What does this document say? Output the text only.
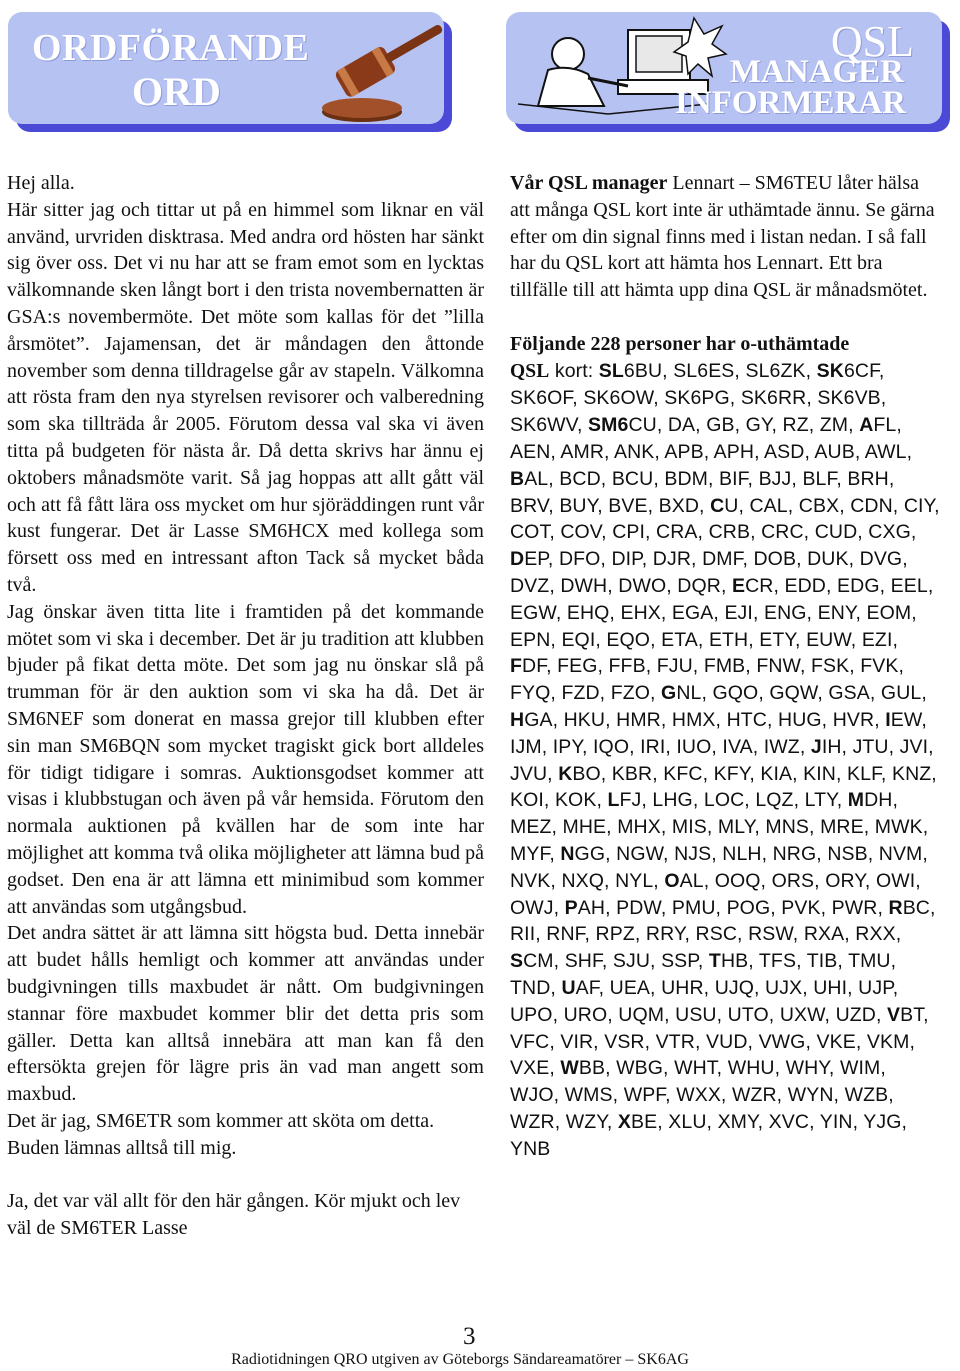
ORDFÖRANDE
ORD
QSL
MANAGER
INFORMERAR

Hej alla.

Här sitter jag och tittar ut på en himmel som liknar en väl använd, urvriden disktrasa. Med andra ord hösten har sänkt sig över oss. Det vi nu har att se fram emot som en lycktas välkomnande sken långt bort i den trista novembernatten är GSA:s novembermöte. Det möte som kallas för det ”lilla årsmötet”. Jajamensan, det är måndagen den åttonde november som denna tilldragelse går av stapeln. Välkomna att rösta fram den nya styrelsen revisorer och valberedning som ska tillträda år 2005. Förutom dessa val ska vi även titta på budgeten för nästa år. Då detta skrivs har ännu ej oktobers månadsmöte varit. Så jag hoppas att allt gått väl och att få fått lära oss mycket om hur sjöräddingen runt vår kust fungerar. Det är Lasse SM6HCX med kollega som försett oss med en intressant afton Tack så mycket båda två.

Jag önskar även titta lite i framtiden på det kommande mötet som vi ska i december. Det är ju tradition att klubben bjuder på fikat detta möte. Det som jag nu önskar slå på trumman för är den auktion som vi ska ha då. Det är SM6NEF som donerat en massa grejor till klubben efter sin man SM6BQN som mycket tragiskt gick bort alldeles för tidigt tidigare i somras. Auktionsgodset kommer att visas i klubbstugan och även på vår hemsida. Förutom den normala auktionen på kvällen har de som inte har möjlighet att komma två olika möjligheter att lämna bud på godset. Den ena är att lämna ett minimibud som kommer att användas som utgångsbud.

Det andra sättet är att lämna sitt högsta bud. Detta innebär att budet hålls hemligt och kommer att användas under budgivningen tills maxbudet är nått. Om budgivningen stannar före maxbudet kommer blir det detta pris som gäller. Detta kan alltså innebära att man kan få den eftersökta grejen för lägre pris än vad man angett som maxbud.

Det är jag, SM6ETR som kommer att sköta om detta. Buden lämnas alltså till mig.

Ja, det var väl allt för den här gången. Kör mjukt och lev väl de SM6TER Lasse

Vår QSL manager Lennart – SM6TEU låter hälsa att många QSL kort inte är uthämtade ännu. Se gärna efter om din signal finns med i listan nedan. I så fall har du QSL kort att hämta hos Lennart. Ett bra tillfälle till att hämta upp dina QSL är månadsmötet.

Följande 228 personer har o-uthämtade

QSL kort: SL6BU, SL6ES, SL6ZK, SK6CF, SK6OF, SK6OW, SK6PG, SK6RR, SK6VB, SK6WV, SM6CU, DA, GB, GY, RZ, ZM, AFL, AEN, AMR, ANK, APB, APH, ASD, AUB, AWL, BAL, BCD, BCU, BDM, BIF, BJJ, BLF, BRH, BRV, BUY, BVE, BXD, CU, CAL, CBX, CDN, CIY, COT, COV, CPI, CRA, CRB, CRC, CUD, CXG, DEP, DFO, DIP, DJR, DMF, DOB, DUK, DVG, DVZ, DWH, DWO, DQR, ECR, EDD, EDG, EEL, EGW, EHQ, EHX, EGA, EJI, ENG, ENY, EOM, EPN, EQI, EQO, ETA, ETH, ETY, EUW, EZI, FDF, FEG, FFB, FJU, FMB, FNW, FSK, FVK, FYQ, FZD, FZO, GNL, GQO, GQW, GSA, GUL, HGA, HKU, HMR, HMX, HTC, HUG, HVR, IEW, IJM, IPY, IQO, IRI, IUO, IVA, IWZ, JIH, JTU, JVI, JVU, KBO, KBR, KFC, KFY, KIA, KIN, KLF, KNZ, KOI, KOK, LFJ, LHG, LOC, LQZ, LTY, MDH, MEZ, MHE, MHX, MIS, MLY, MNS, MRE, MWK, MYF, NGG, NGW, NJS, NLH, NRG, NSB, NVM, NVK, NXQ, NYL, OAL, OOQ, ORS, ORY, OWI, OWJ, PAH, PDW, PMU, POG, PVK, PWR, RBC, RII, RNF, RPZ, RRY, RSC, RSW, RXA, RXX, SCM, SHF, SJU, SSP, THB, TFS, TIB, TMU, TND, UAF, UEA, UHR, UJQ, UJX, UHI, UJP, UPO, URO, UQM, USU, UTO, UXW, UZD, VBT, VFC, VIR, VSR, VTR, VUD, VWG, VKE, VKM, VXE, WBB, WBG, WHT, WHU, WHY, WIM, WJO, WMS, WPF, WXX, WZR, WYN, WZB, WZR, WZY, XBE, XLU, XMY, XVC, YIN, YJG, YNB

3
Radiotidningen QRO utgiven av Göteborgs Sändareamatörer – SK6AG
